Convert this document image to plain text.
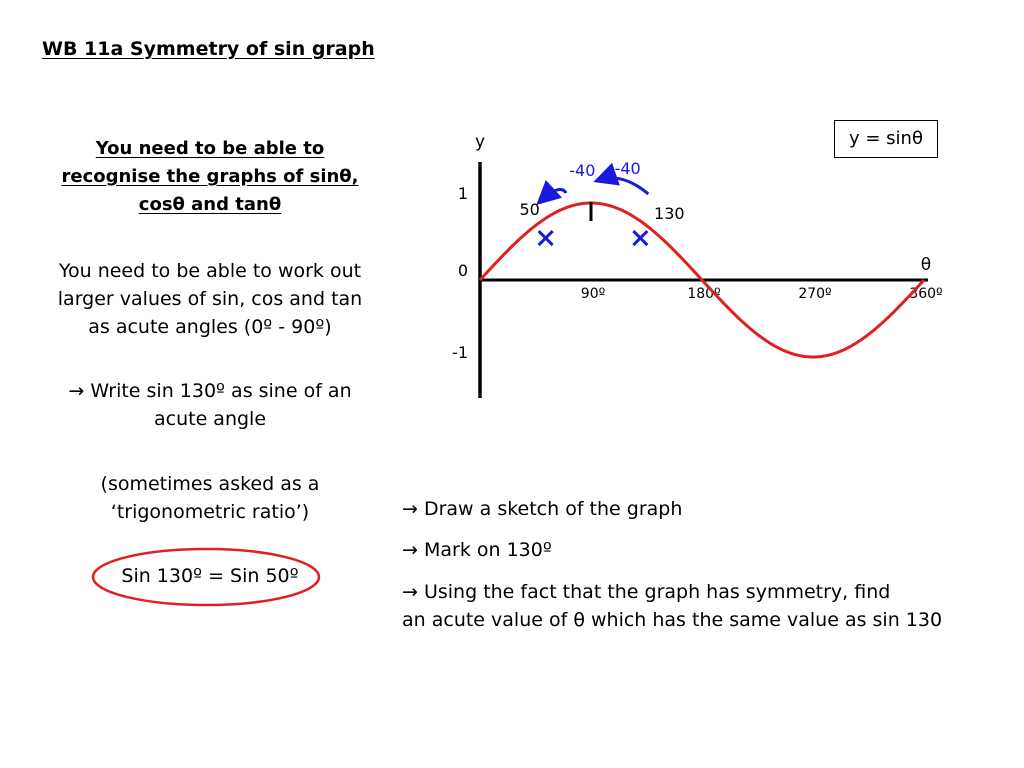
WB 11a Symmetry of sin graph
You need to be able to
recognise the graphs of sinθ,
cosθ and tanθ
You need to be able to work out
larger values of sin, cos and tan
as acute angles (0º - 90º)
→ Write sin 130º as sine of an
acute angle
(sometimes asked as a
‘trigonometric ratio’)
Sin 130º = Sin 50º
y = sinθ
y
θ
1
0
-1
90º	180º	270º	360º
50	130
-40 -40
→ Draw a sketch of the graph
→ Mark on 130º
→ Using the fact that the graph has symmetry, find
an acute value of θ which has the same value as sin 130
